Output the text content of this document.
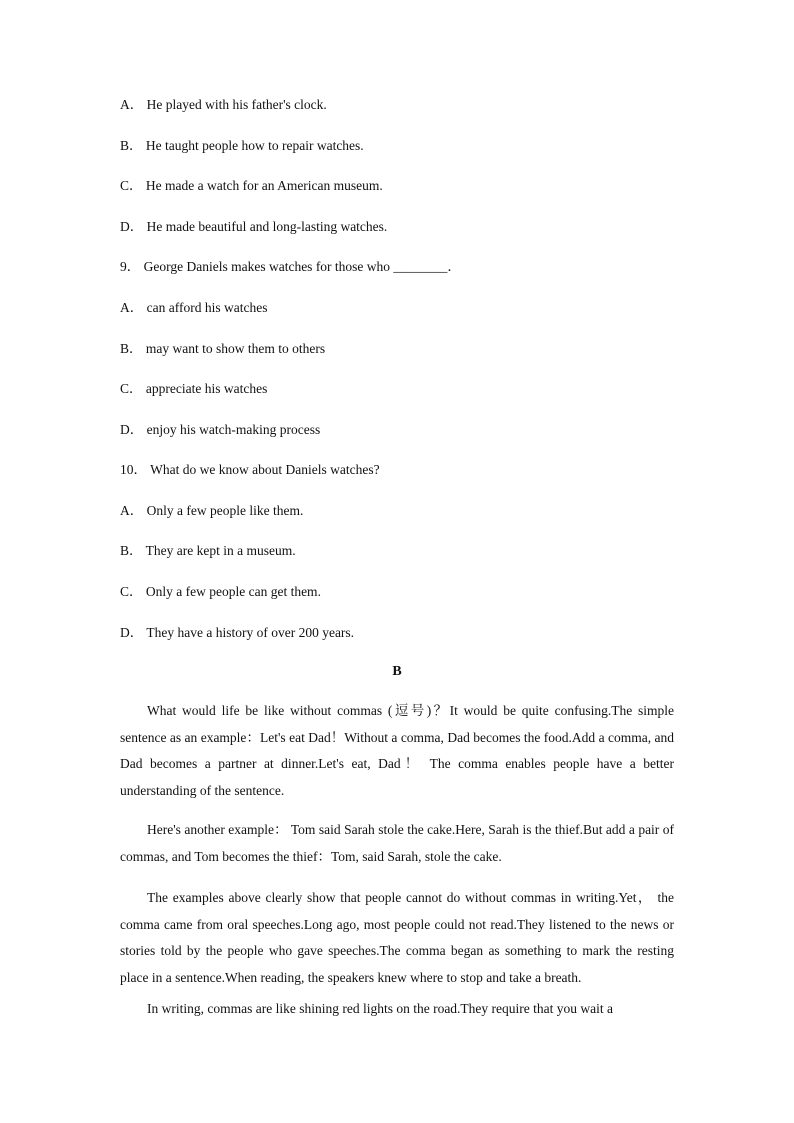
A． He played with his father's clock.
B． He taught people how to repair watches.
C． He made a watch for an American museum.
D． He made beautiful and long-lasting watches.
9． George Daniels makes watches for those who ________．
A． can afford his watches
B． may want to show them to others
C． appreciate his watches
D． enjoy his watch-making process
10． What do we know about Daniels watches?
A． Only a few people like them.
B． They are kept in a museum.
C． Only a few people can get them.
D． They have a history of over 200 years.
B
What would life be like without commas (逗号)？It would be quite confusing.The simple sentence as an example：Let's eat Dad！Without a comma, Dad becomes the food.Add a comma, and Dad becomes a partner at dinner.Let's eat, Dad！ The comma enables people have a better understanding of the sentence.
Here's another example： Tom said Sarah stole the cake.Here, Sarah is the thief.But add a pair of commas, and Tom becomes the thief：Tom, said Sarah, stole the cake.
The examples above clearly show that people cannot do without commas in writing.Yet， the comma came from oral speeches.Long ago, most people could not read.They listened to the news or stories told by the people who gave speeches.The comma began as something to mark the resting place in a sentence.When reading, the speakers knew where to stop and take a breath.
In writing, commas are like shining red lights on the road.They require that you wait a
